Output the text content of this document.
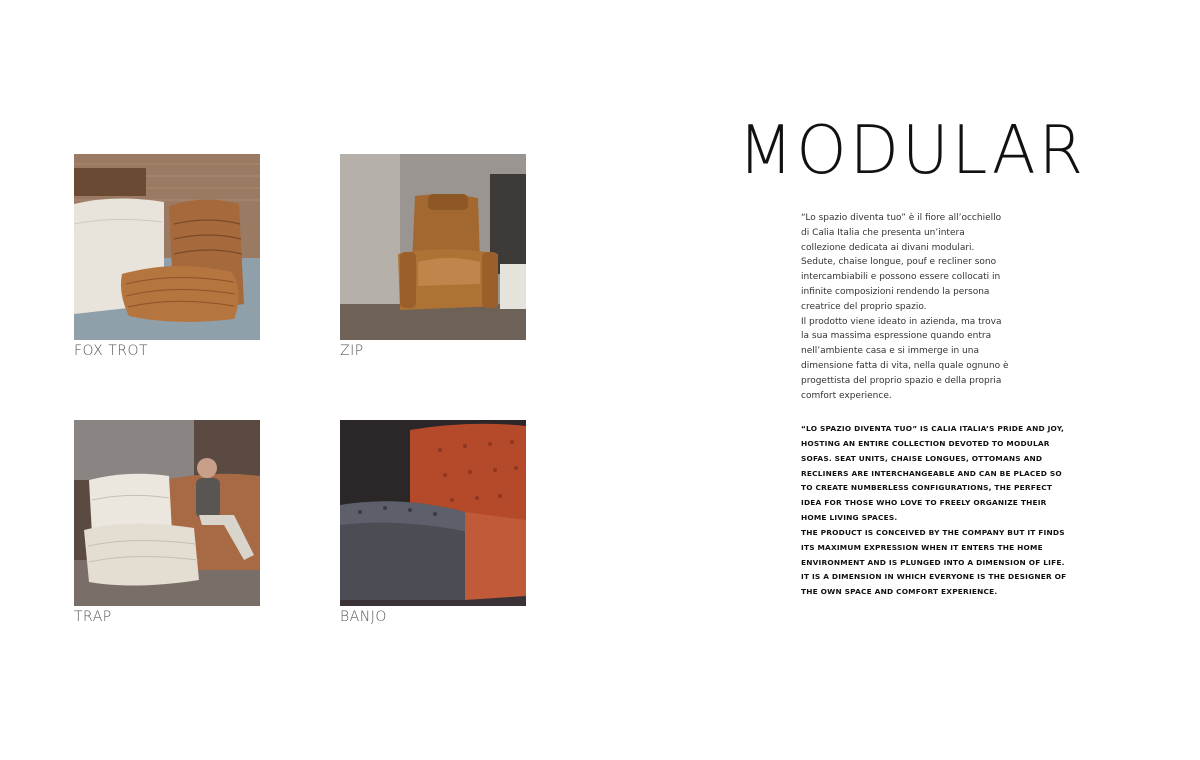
FOX TROT	ZIP
TRAP	BANJO
MODULAR
“Lo spazio diventa tuo” è il fiore all’occhiello di Calia Italia che presenta un’intera collezione dedicata ai divani modulari. Sedute, chaise longue, pouf e recliner sono intercambiabili e possono essere collocati in infinite composizioni rendendo la persona creatrice del proprio spazio.
Il prodotto viene ideato in azienda, ma trova la sua massima espressione quando entra nell’ambiente casa e si immerge in una dimensione fatta di vita, nella quale ognuno è progettista del proprio spazio e della propria comfort experience.
“LO SPAZIO DIVENTA TUO” IS CALIA ITALIA’S PRIDE AND JOY, HOSTING AN ENTIRE COLLECTION DEVOTED TO MODULAR SOFAS. SEAT UNITS, CHAISE LONGUES, OTTOMANS AND RECLINERS ARE INTERCHANGEABLE AND CAN BE PLACED SO TO CREATE NUMBERLESS CONFIGURATIONS, THE PERFECT IDEA FOR THOSE WHO LOVE TO FREELY ORGANIZE THEIR HOME LIVING SPACES.
THE PRODUCT IS CONCEIVED BY THE COMPANY BUT IT FINDS ITS MAXIMUM EXPRESSION WHEN IT ENTERS THE HOME ENVIRONMENT AND IS PLUNGED INTO A DIMENSION OF LIFE. IT IS A DIMENSION IN WHICH EVERYONE IS THE DESIGNER OF THE OWN SPACE AND COMFORT EXPERIENCE.
